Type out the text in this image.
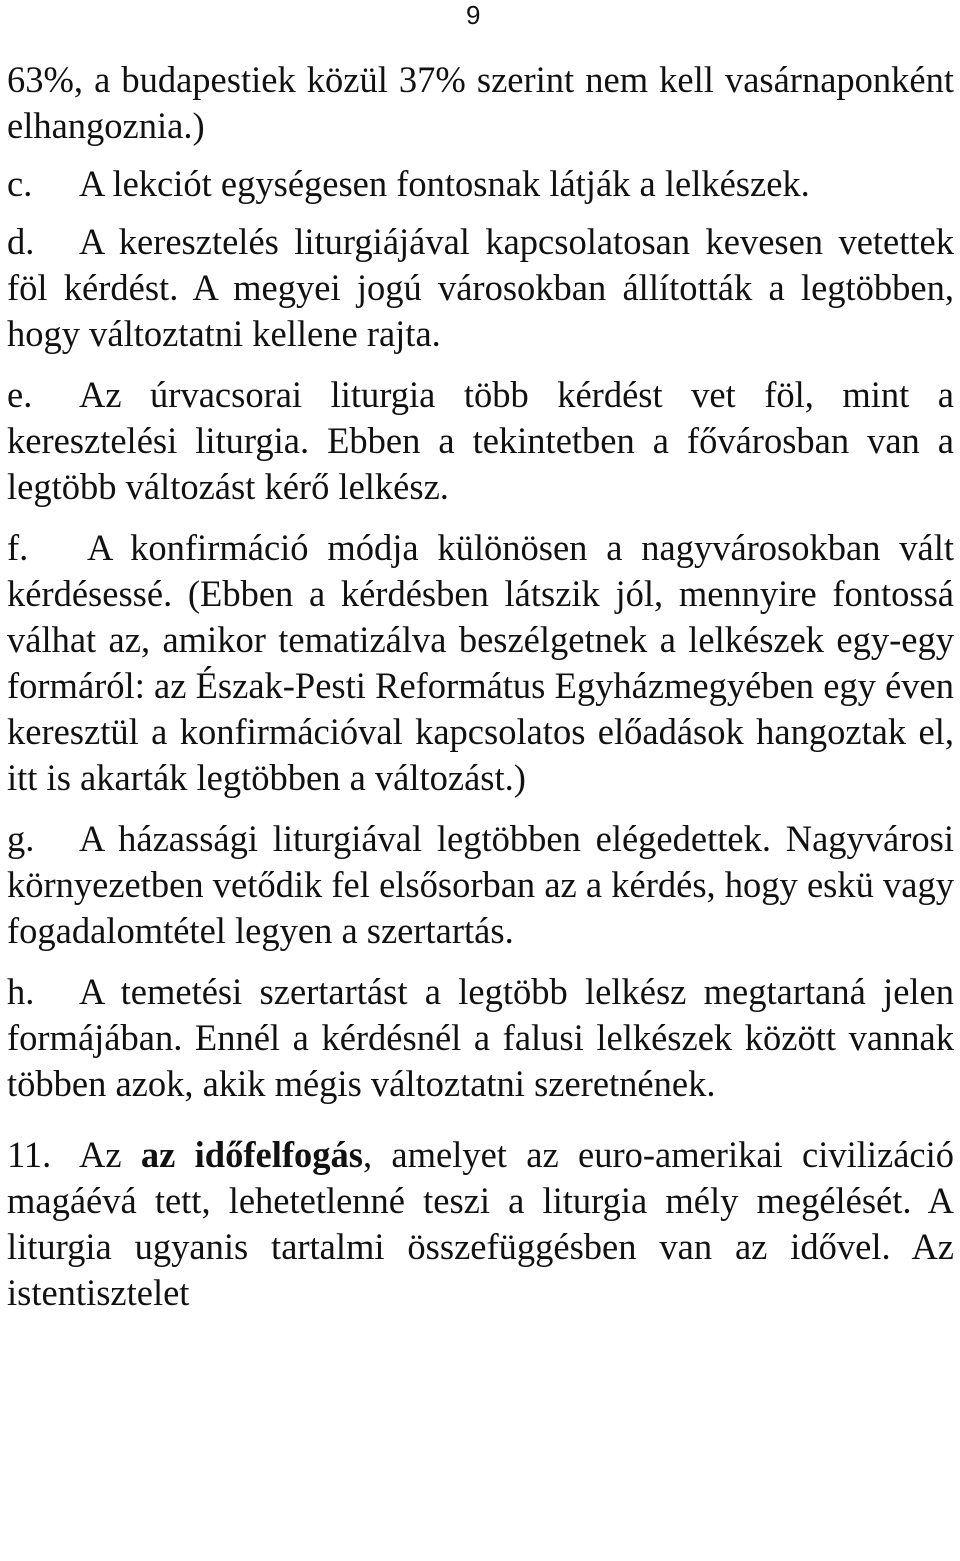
9

63%, a budapestiek közül 37% szerint nem kell vasárnaponként elhangoznia.)

c. A lekciót egységesen fontosnak látják a lelkészek.

d. A keresztelés liturgiájával kapcsolatosan kevesen vetettek föl kérdést. A megyei jogú városokban állították a legtöbben, hogy változtatni kellene rajta.

e. Az úrvacsorai liturgia több kérdést vet föl, mint a keresztelési liturgia. Ebben a tekintetben a fővárosban van a legtöbb változást kérő lelkész.

f. A konfirmáció módja különösen a nagyvárosokban vált kérdésessé. (Ebben a kérdésben látszik jól, mennyire fontossá válhat az, amikor tematizálva beszélgetnek a lelkészek egy-egy formáról: az Észak-Pesti Református Egyházmegyében egy éven keresztül a konfirmációval kapcsolatos előadások hangoztak el, itt is akarták legtöbben a változást.)

g. A házassági liturgiával legtöbben elégedettek. Nagyvárosi környezetben vetődik fel elsősorban az a kérdés, hogy eskü vagy fogadalomtétel legyen a szertartás.

h. A temetési szertartást a legtöbb lelkész megtartaná jelen formájában. Ennél a kérdésnél a falusi lelkészek között vannak többen azok, akik mégis változtatni szeretnének.

11. Az az időfelfogás, amelyet az euro-amerikai civilizáció magáévá tett, lehetetlenné teszi a liturgia mély megélését. A liturgia ugyanis tartalmi összefüggésben van az idővel. Az istentisztelet
